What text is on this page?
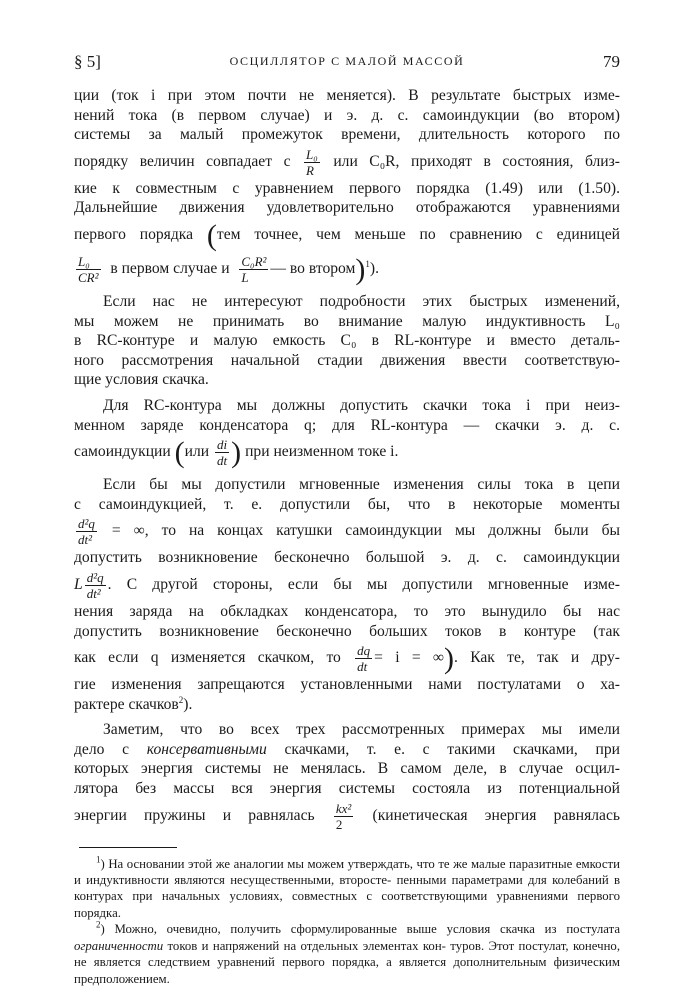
§ 5]	ОСЦИЛЛЯТОР С МАЛОЙ МАССОЙ	79

ции (ток i при этом почти не меняется). В результате быстрых изме-
нений тока (в первом случае) и э. д. с. самоиндукции (во втором)
системы за малый промежуток времени, длительность которого по
порядку величин совпадает с $\frac{\text{L₀}}{R}$ или C₀R, приходят в состояния, близ-
кие к совместным с уравнением первого порядка (1.49) или (1.50).
Дальнейшие движения удовлетворительно отображаются уравнениями
первого порядка (тем точнее, чем меньше по сравнению с единицей
$\frac{\text{L₀}}{\text{CR²}}$ в первом случае и $\frac{\text{C₀R²}}{L}$ — во втором)$^1$).

Если нас не интересуют подробности этих быстрых изменений,
мы можем не принимать во внимание малую индуктивность L₀
в RC-контуре и малую емкость C₀ в RL-контуре и вместо деталь-
ного рассмотрения начальной стадии движения ввести соответствую-
щие условия скачка.

Для RC-контура мы должны допустить скачки тока i при неиз-
менном заряде конденсатора q; для RL-контура — скачки э. д. с.
самоиндукции ($или \frac{di}{dt}$ ) при неизменном токе i.

Если бы мы допустили мгновенные изменения силы тока в цепи
с самоиндукцией, т. е. допустили бы, что в некоторые моменты
$\frac{\text{d²q}}{\text{dt²}}$ = ∞, то на концах катушки самоиндукции мы должны были бы
допустить возникновение бесконечно большой э. д. с. самоиндукции
L $\frac{\text{d²q}}{\text{dt²}}$ . С другой стороны, если бы мы допустили мгновенные изме-
нения заряда на обкладках конденсатора, то это вынудило бы нас
допустить возникновение бесконечно больших токов в контуре (так
как если q изменяется скачком, то $\frac{dq}{dt} = i$ = ∞). Как те, так и дру-
гие изменения запрещаются установленными нами постулатами о ха-
рактере скачков$^2$).

Заметим, что во всех трех рассмотренных примерах мы имели
дело с консервативными скачками, т. е. с такими скачками, при
которых энергия системы не менялась. В самом деле, в случае осцил-
лятора без массы вся энергия системы состояла из потенциальной
энергии пружины и равнялась $\frac{\text{kx²}}{2}$ (кинетическая энергия равнялась

$^1$) На основании этой же аналогии мы можем утверждать, что те же малые паразитные емкости и индуктивности являются несущественными, второсте- пенными параметрами для колебаний в контурах при начальных условиях, совместных с соответствующими уравнениями первого порядка.

$^2$) Можно, очевидно, получить сформулированные выше условия скачка из постулата ограниченности токов и напряжений на отдельных элементах кон- туров. Этот постулат, конечно, не является следствием уравнений первого порядка, а является дополнительным физическим предположением.
